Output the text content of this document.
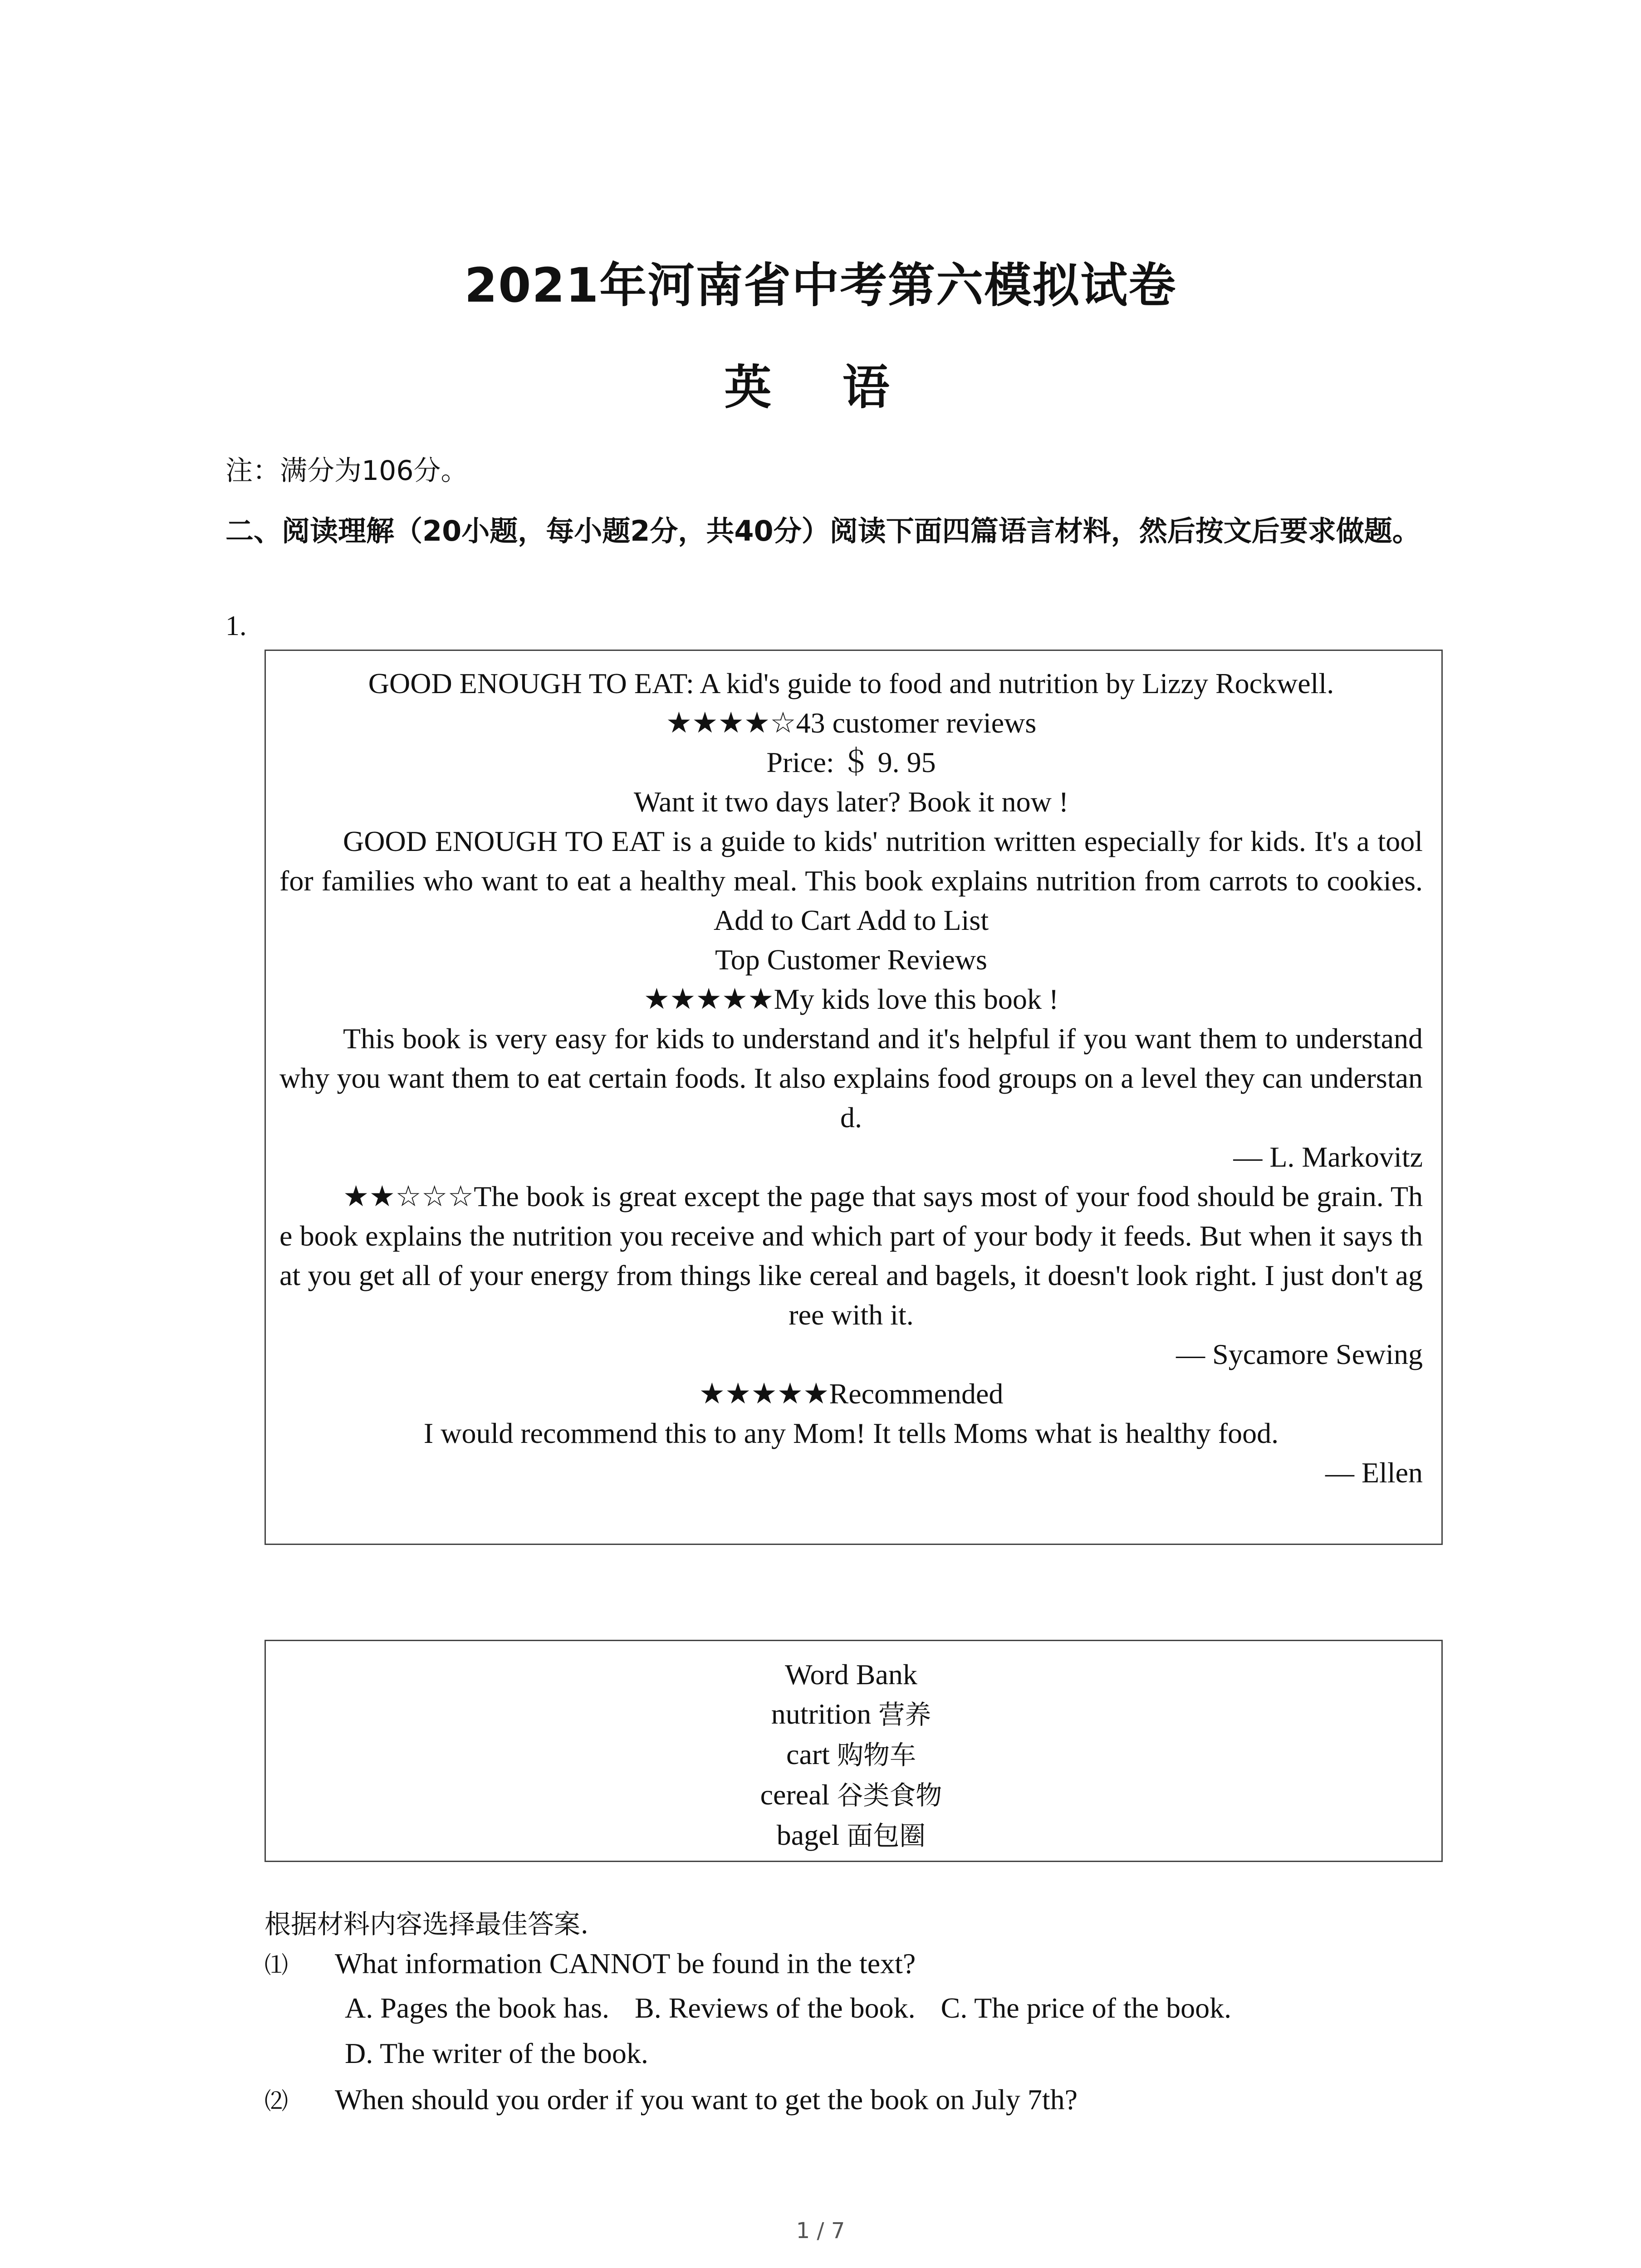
2021年河南省中考第六模拟试卷
英 语
注：满分为106分。
二、阅读理解（20小题，每小题2分，共40分）阅读下面四篇语言材料，然后按文后要求做题。
1.
GOOD ENOUGH TO EAT: A kid's guide to food and nutrition by Lizzy Rockwell.
★★★★☆43 customer reviews
Price: ＄ 9. 95
Want it two days later? Book it now !
GOOD ENOUGH TO EAT is a guide to kids' nutrition written especially for kids. It's a tool for families who want to eat a healthy meal. This book explains nutrition from carrots to cookies. Add to Cart Add to List
Top Customer Reviews
★★★★★My kids love this book !
This book is very easy for kids to understand and it's helpful if you want them to understand why you want them to eat certain foods. It also explains food groups on a level they can understand.
— L. Markovitz
★★☆☆☆The book is great except the page that says most of your food should be grain. The book explains the nutrition you receive and which part of your body it feeds. But when it says that you get all of your energy from things like cereal and bagels, it doesn't look right. I just don't agree with it.
— Sycamore Sewing
★★★★★Recommended
I would recommend this to any Mom! It tells Moms what is healthy food.
— Ellen
Word Bank
nutrition 营养
cart 购物车
cereal 谷类食物
bagel 面包圈
根据材料内容选择最佳答案.
⑴ What information CANNOT be found in the text?
A. Pages the book has. B. Reviews of the book. C. The price of the book.
D. The writer of the book.
⑵ When should you order if you want to get the book on July 7th?
1 / 7
